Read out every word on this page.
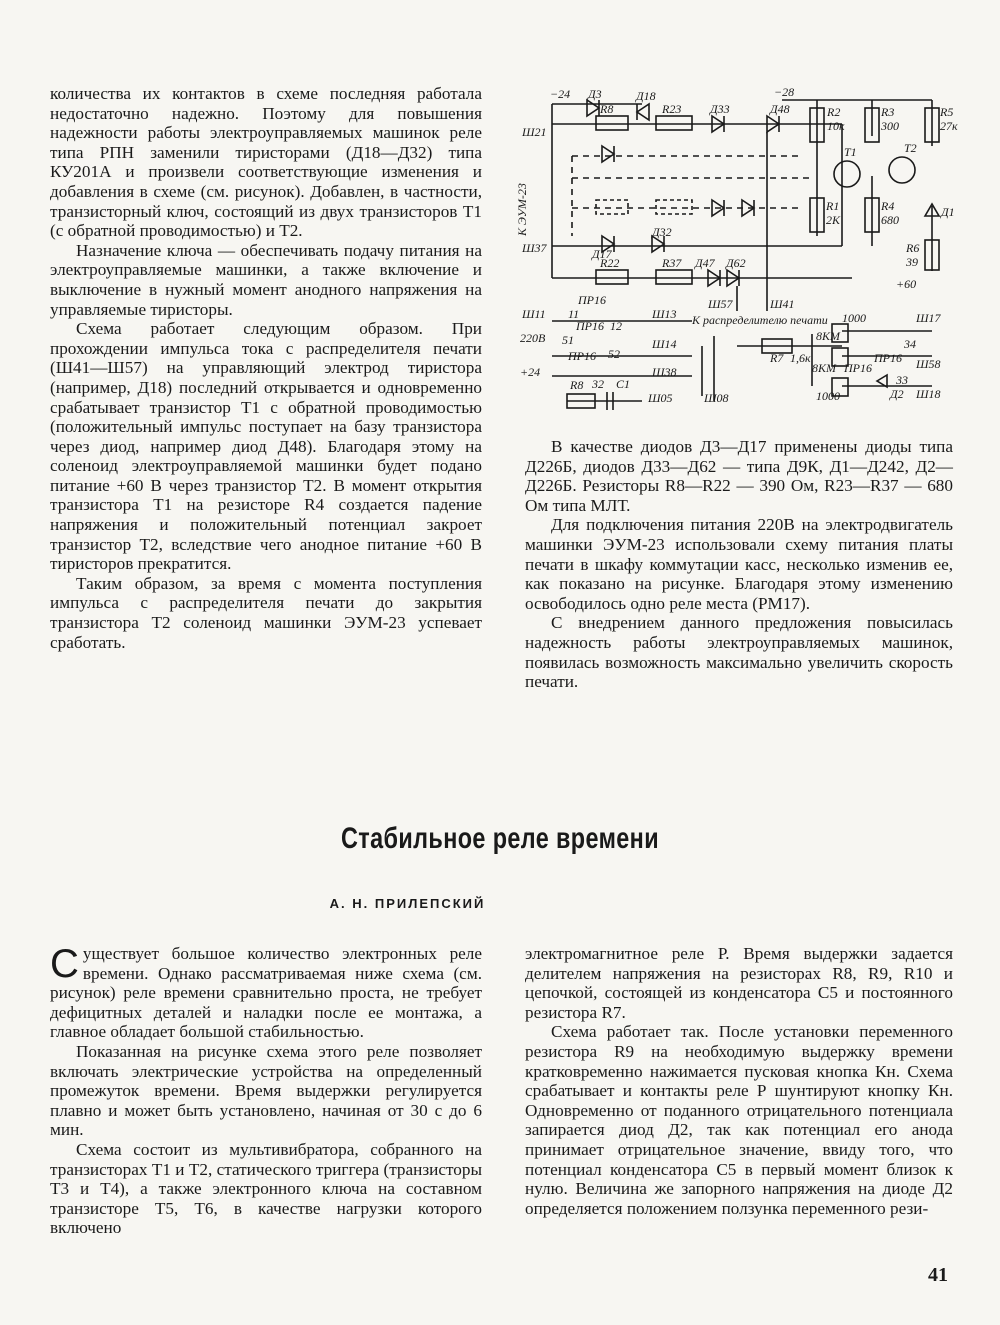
количества их контактов в схеме последняя работала недостаточно надежно. Поэтому для повышения надежности работы электроуправляемых машинок реле типа РПН заменили тиристорами (Д18—Д32) типа КУ201А и произвели соответствующие изменения и добавления в схеме (см. рисунок). Добавлен, в частности, транзисторный ключ, состоящий из двух транзисторов Т1 (с обратной проводимостью) и Т2.

Назначение ключа — обеспечивать подачу питания на электроуправляемые машинки, а также включение и выключение в нужный момент анодного напряжения на управляемые тиристоры.

Схема работает следующим образом. При прохождении импульса тока с распределителя печати (Ш41—Ш57) на управляющий электрод тиристора (например, Д18) последний открывается и одновременно срабатывает транзистор Т1 с обратной проводимостью (положительный импульс поступает на базу транзистора через диод, например диод Д48). Благодаря этому на соленоид электроуправляемой машинки будет подано питание +60 В через транзистор Т2. В момент открытия транзистора Т1 на резисторе R4 создается падение напряжения и положительный потенциал закроет транзистор Т2, вследствие чего анодное питание +60 В тиристоров прекратится.

Таким образом, за время с момента поступления импульса с распределителя печати до закрытия транзистора Т2 соленоид машинки ЭУМ-23 успевает сработать.

−24 Д3	Д18	−28
Ш21
R8	R23 Д33	Д48	R2
10к
R3
300
R5
27к
T1	T2
R1
2К
R4
680
Д1
R6
39
+60
К ЭУМ-23
Ш37	Д17
Д32
R22	R37 Д47 Д62
Ш57	Ш41
Ш11
ПР16
11	Ш13 К распределителю печати 1000	Ш17
220В 51
ПР16 12
Ш14
R7 1,6к
8КМ
34
ПР16 52
8КМ ПР16
ПР16 Ш58
+24
R8 32 С1
Ш38
33
1000	Д2 Ш18
Ш05	Ш08

В качестве диодов Д3—Д17 применены диоды типа Д226Б, диодов Д33—Д62 — типа Д9К, Д1—Д242, Д2—Д226Б. Резисторы R8—R22 — 390 Ом, R23—R37 — 680 Ом типа МЛТ.

Для подключения питания 220В на электродвигатель машинки ЭУМ-23 использовали схему питания платы печати в шкафу коммутации касс, несколько изменив ее, как показано на рисунке. Благодаря этому изменению освободилось одно реле места (РМ17).

С внедрением данного предложения повысилась надежность работы электроуправляемых машинок, появилась возможность максимально увеличить скорость печати.

Стабильное реле времени
А. Н. ПРИЛЕПСКИЙ

Существует большое количество электронных реле времени. Однако рассматриваемая ниже схема (см. рисунок) реле времени сравнительно проста, не требует дефицитных деталей и наладки после ее монтажа, а главное обладает большой стабильностью.

Показанная на рисунке схема этого реле позволяет включать электрические устройства на определенный промежуток времени. Время выдержки регулируется плавно и может быть установлено, начиная от 30 с до 6 мин.

Схема состоит из мультивибратора, собранного на транзисторах Т1 и Т2, статического триггера (транзисторы Т3 и Т4), а также электронного ключа на составном транзисторе Т5, Т6, в качестве нагрузки которого включено

электромагнитное реле Р. Время выдержки задается делителем напряжения на резисторах R8, R9, R10 и цепочкой, состоящей из конденсатора С5 и постоянного резистора R7.

Схема работает так. После установки переменного резистора R9 на необходимую выдержку времени кратковременно нажимается пусковая кнопка Кн. Схема срабатывает и контакты реле Р шунтируют кнопку Кн. Одновременно от поданного отрицательного потенциала запирается диод Д2, так как потенциал его анода принимает отрицательное значение, ввиду того, что потенциал конденсатора С5 в первый момент близок к нулю. Величина же запорного напряжения на диоде Д2 определяется положением ползунка переменного рези-

41
